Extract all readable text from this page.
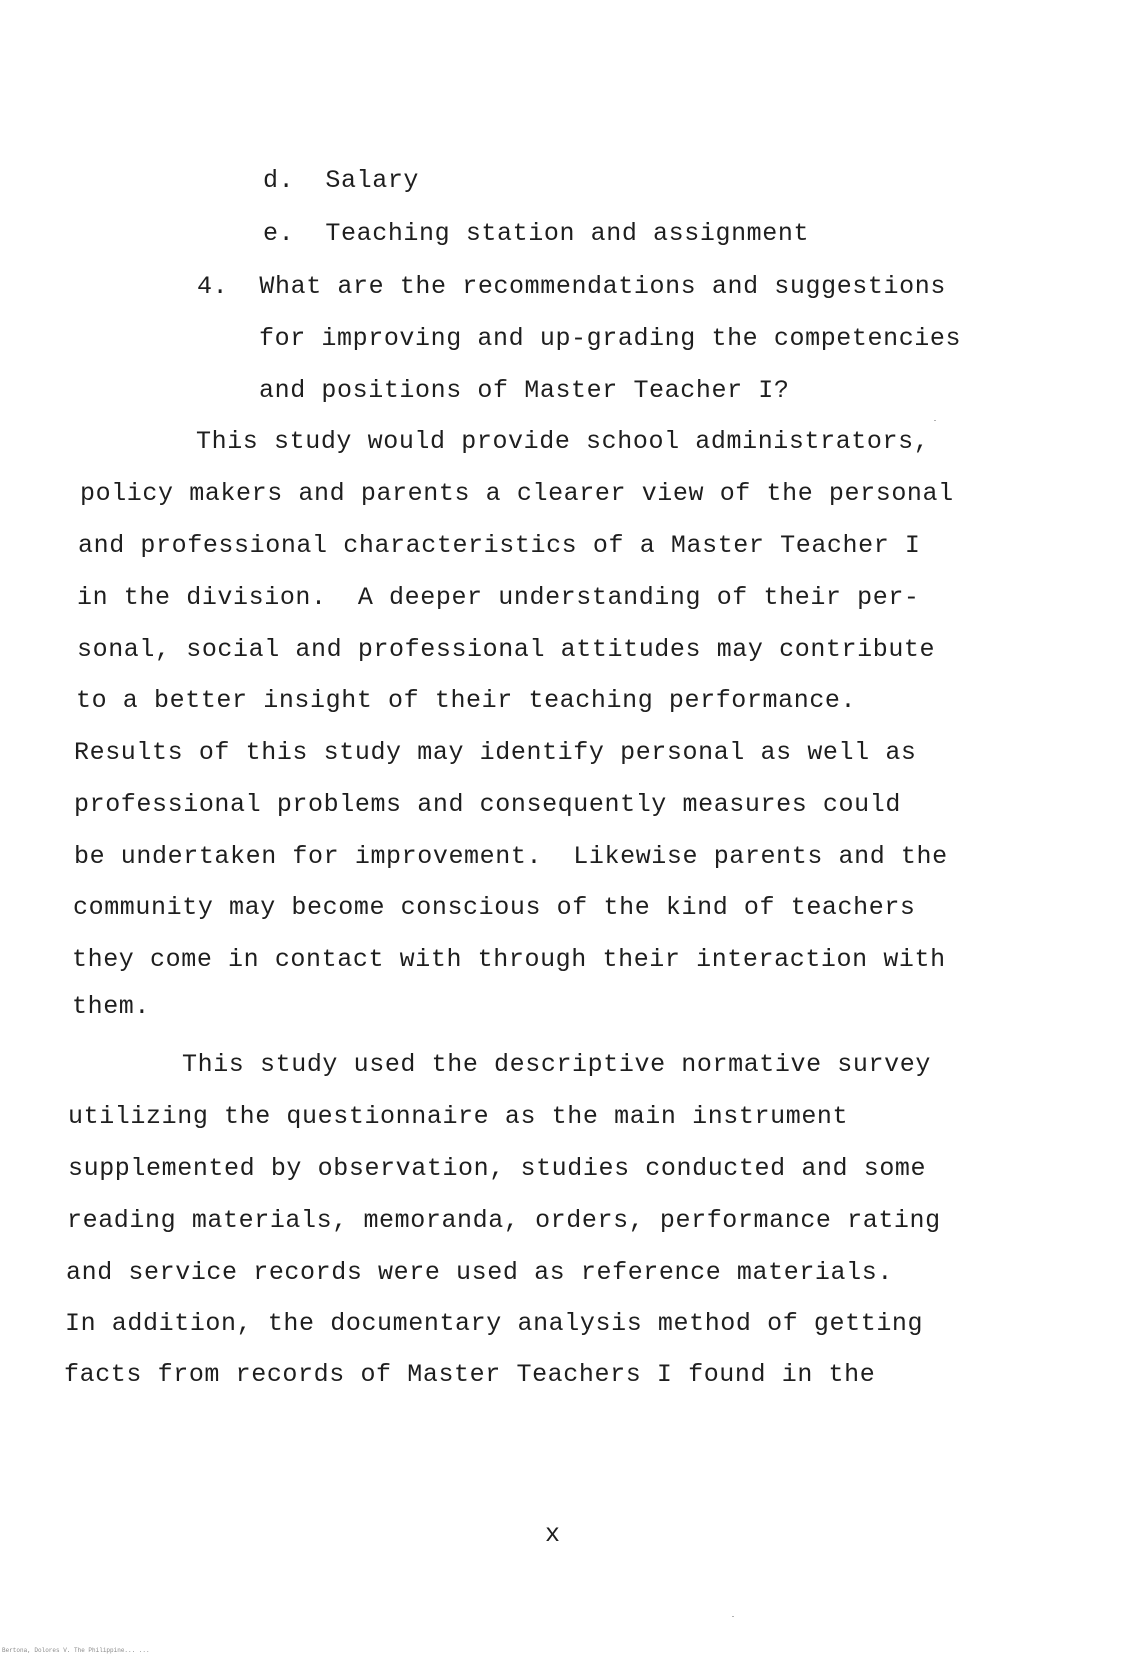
d.  Salary
e.  Teaching station and assignment
4.  What are the recommendations and suggestions
for improving and up-grading the competencies
and positions of Master Teacher I?
This study would provide school administrators,
policy makers and parents a clearer view of the personal
and professional characteristics of a Master Teacher I
in the division.  A deeper understanding of their per-
sonal, social and professional attitudes may contribute
to a better insight of their teaching performance.
Results of this study may identify personal as well as
professional problems and consequently measures could
be undertaken for improvement.  Likewise parents and the
community may become conscious of the kind of teachers
they come in contact with through their interaction with
them.
This study used the descriptive normative survey
utilizing the questionnaire as the main instrument
supplemented by observation, studies conducted and some
reading materials, memoranda, orders, performance rating
and service records were used as reference materials.
In addition, the documentary analysis method of getting
facts from records of Master Teachers I found in the
x
Bertona, Dolores V. The Philippine... ...
